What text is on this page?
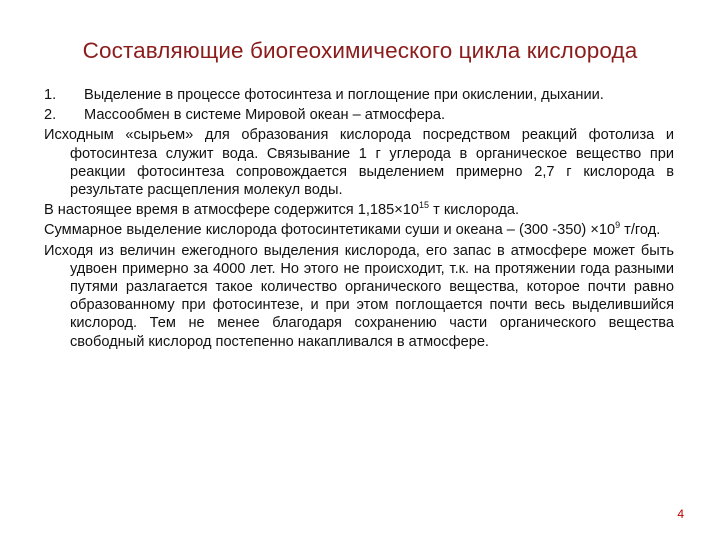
Составляющие биогеохимического цикла кислорода
1.	Выделение в процессе фотосинтеза и поглощение при окислении, дыхании.
2.	Массообмен в системе Мировой океан – атмосфера.

Исходным «сырьем» для образования кислорода посредством реакций фотолиза и фотосинтеза служит вода. Связывание 1 г углерода в органическое вещество при реакции фотосинтеза сопровождается выделением примерно 2,7 г кислорода в результате расщепления молекул воды.

В настоящее время в атмосфере содержится $1,185\times 10^{15}$ т кислорода.

Суммарное выделение кислорода фотосинтетиками суши и океана – (300 $-350) \times 10^9$ т/год.

Исходя из величин ежегодного выделения кислорода, его запас в атмосфере может быть удвоен примерно за 4000 лет. Но этого не происходит, т.к. на протяжении года разными путями разлагается такое количество органического вещества, которое почти равно образованному при фотосинтезе, и при этом поглощается почти весь выделившийся кислород. Тем не менее благодаря сохранению части органического вещества свободный кислород постепенно накапливался в атмосфере.

4
